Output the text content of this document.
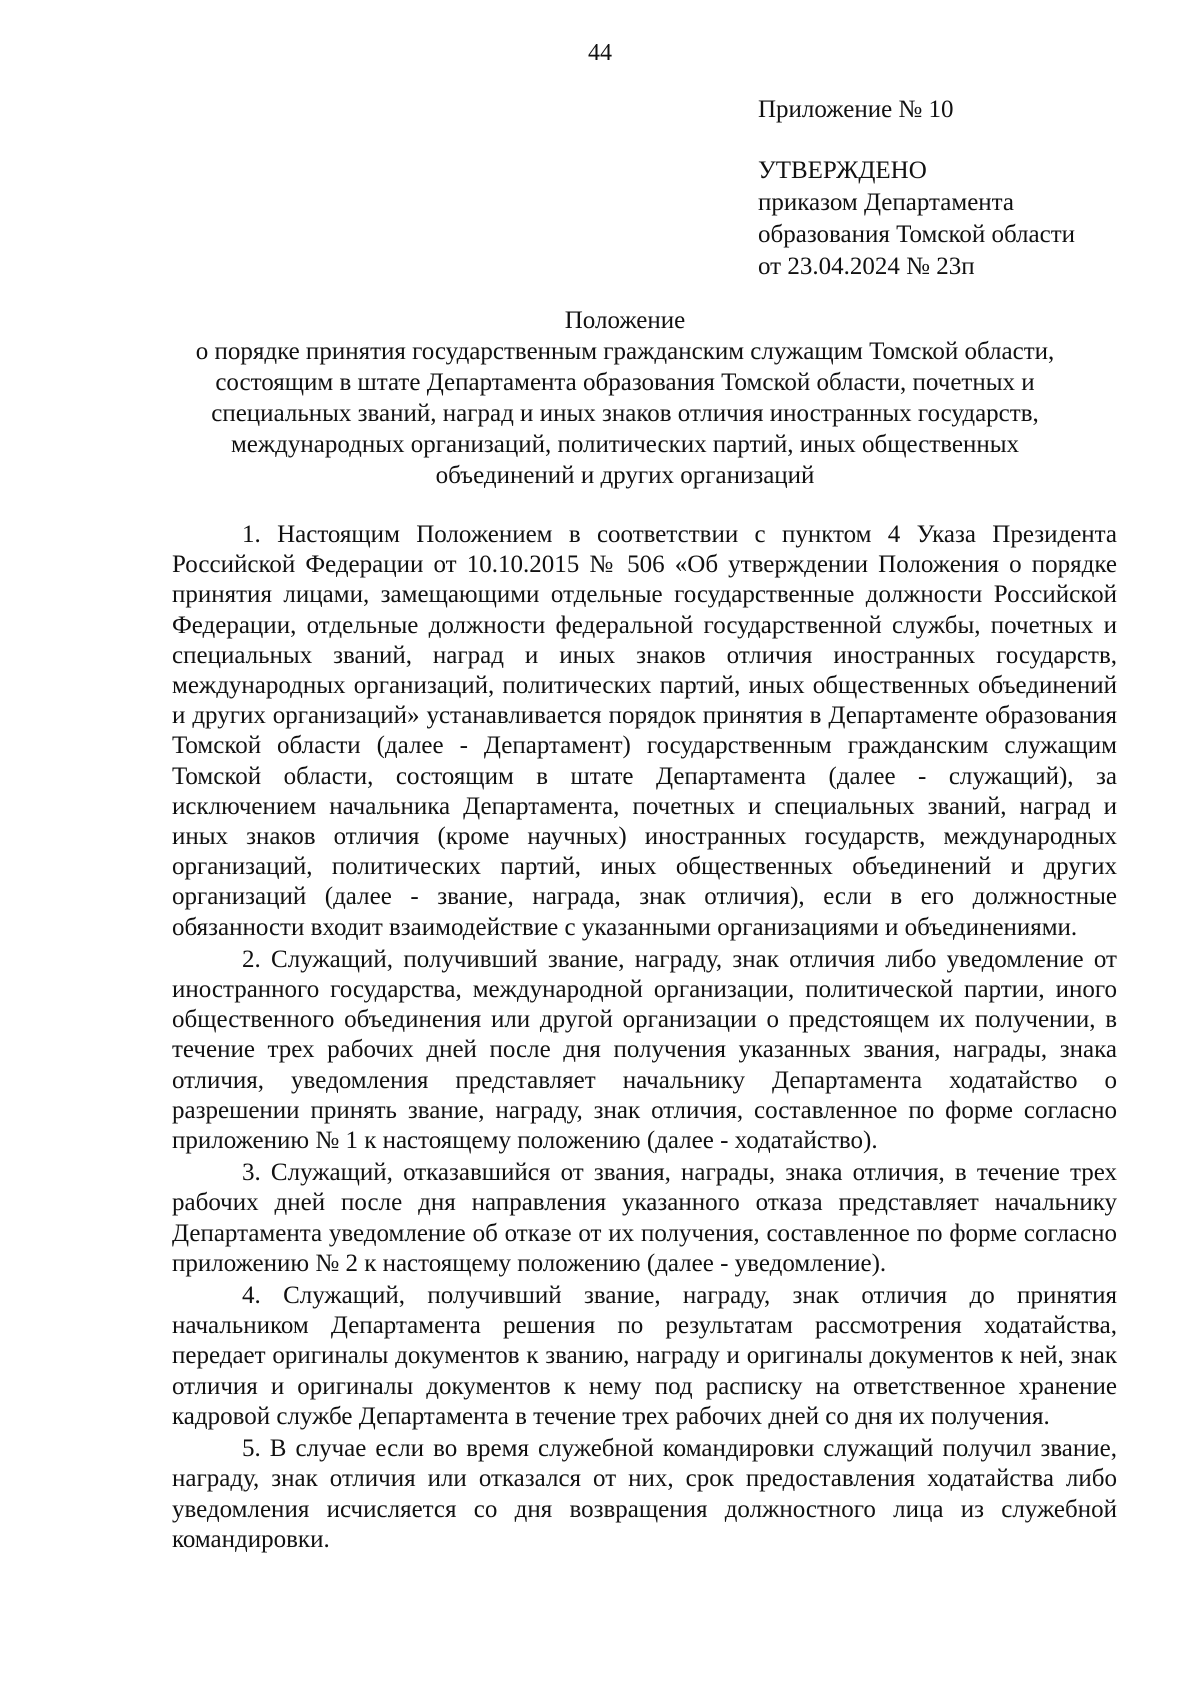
44
Приложение № 10
УТВЕРЖДЕНО
приказом Департамента
образования Томской области
от 23.04.2024 № 23п
Положение
о порядке принятия государственным гражданским служащим Томской области,
состоящим в штате Департамента образования Томской области, почетных и
специальных званий, наград и иных знаков отличия иностранных государств,
международных организаций, политических партий, иных общественных
объединений и других организаций

1. Настоящим Положением в соответствии с пунктом 4 Указа Президента Российской Федерации от 10.10.2015 № 506 «Об утверждении Положения о порядке принятия лицами, замещающими отдельные государственные должности Российской Федерации, отдельные должности федеральной государственной службы, почетных и специальных званий, наград и иных знаков отличия иностранных государств, международных организаций, политических партий, иных общественных объединений и других организаций» устанавливается порядок принятия в Департаменте образования Томской области (далее - Департамент) государственным гражданским служащим Томской области, состоящим в штате Департамента (далее - служащий), за исключением начальника Департамента, почетных и специальных званий, наград и иных знаков отличия (кроме научных) иностранных государств, международных организаций, политических партий, иных общественных объединений и других организаций (далее - звание, награда, знак отличия), если в его должностные обязанности входит взаимодействие с указанными организациями и объединениями.

2. Служащий, получивший звание, награду, знак отличия либо уведомление от иностранного государства, международной организации, политической партии, иного общественного объединения или другой организации о предстоящем их получении, в течение трех рабочих дней после дня получения указанных звания, награды, знака отличия, уведомления представляет начальнику Департамента ходатайство о разрешении принять звание, награду, знак отличия, составленное по форме согласно приложению № 1 к настоящему положению (далее - ходатайство).

3. Служащий, отказавшийся от звания, награды, знака отличия, в течение трех рабочих дней после дня направления указанного отказа представляет начальнику Департамента уведомление об отказе от их получения, составленное по форме согласно приложению № 2 к настоящему положению (далее - уведомление).

4. Служащий, получивший звание, награду, знак отличия до принятия начальником Департамента решения по результатам рассмотрения ходатайства, передает оригиналы документов к званию, награду и оригиналы документов к ней, знак отличия и оригиналы документов к нему под расписку на ответственное хранение кадровой службе Департамента в течение трех рабочих дней со дня их получения.

5. В случае если во время служебной командировки служащий получил звание, награду, знак отличия или отказался от них, срок предоставления ходатайства либо уведомления исчисляется со дня возвращения должностного лица из служебной командировки.
